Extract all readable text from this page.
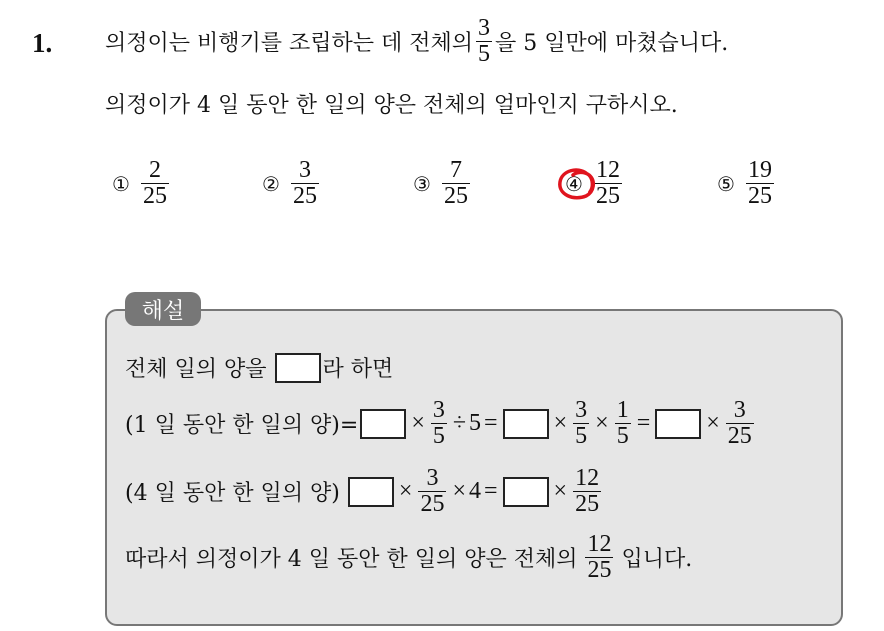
1. 의정이는 비행기를 조립하는 데 전체의 $\frac{3}{5}$ 을 5 일만에 마쳤습니다.
의정이가 4 일 동안 한 일의 양은 전체의 얼마인지 구하시오.
① $\frac{2}{25}$	② $\frac{3}{25}$	③ $\frac{7}{25}$	④ $\frac{12}{25}$	⑤ $\frac{19}{25}$
해설
전체 일의 양을	라 하면
(1 일 동안 한 일의 양)= × $\frac{3}{5} \div 5$ = × $\frac{3}{5} \times \frac{1}{5}$ = × $\frac{3}{25}$
(4 일 동안 한 일의 양) × $\frac{3}{25} \times 4$ = × $\frac{12}{25}$
따라서 의정이가 4 일 동안 한 일의 양은 전체의 $\frac{12}{25}$ 입니다.
